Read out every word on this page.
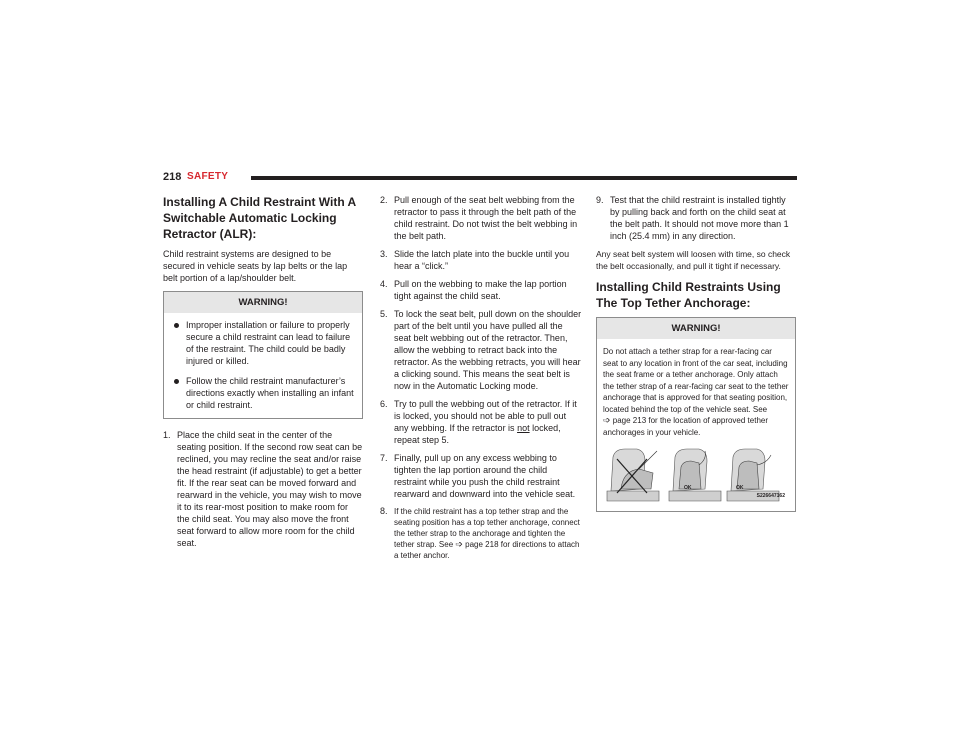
218 SAFETY
Installing A Child Restraint With A Switchable Automatic Locking Retractor (ALR):

Child restraint systems are designed to be secured in vehicle seats by lap belts or the lap belt portion of a lap/shoulder belt.

WARNING!
Improper installation or failure to properly secure a child restraint can lead to failure of the restraint. The child could be badly injured or killed.
Follow the child restraint manufacturer’s directions exactly when installing an infant or child restraint.
1. Place the child seat in the center of the seating position. If the second row seat can be reclined, you may recline the seat and/or raise the head restraint (if adjustable) to get a better fit. If the rear seat can be moved forward and rearward in the vehicle, you may wish to move it to its rear-most position to make room for the child seat. You may also move the front seat forward to allow more room for the child seat.
2. Pull enough of the seat belt webbing from the retractor to pass it through the belt path of the child restraint. Do not twist the belt webbing in the belt path.
3. Slide the latch plate into the buckle until you hear a “click.”
4. Pull on the webbing to make the lap portion tight against the child seat.
5. To lock the seat belt, pull down on the shoulder part of the belt until you have pulled all the seat belt webbing out of the retractor. Then, allow the webbing to retract back into the retractor. As the webbing retracts, you will hear a clicking sound. This means the seat belt is now in the Automatic Locking mode.
6. Try to pull the webbing out of the retractor. If it is locked, you should not be able to pull out any webbing. If the retractor is not locked, repeat step 5.
7. Finally, pull up on any excess webbing to tighten the lap portion around the child restraint while you push the child restraint rearward and downward into the vehicle seat.
8. If the child restraint has a top tether strap and the seating position has a top tether anchorage, connect the tether strap to the anchorage and tighten the tether strap. See ➩ page 218 for directions to attach a tether anchor.
9. Test that the child restraint is installed tightly by pulling back and forth on the child seat at the belt path. It should not move more than 1 inch (25.4 mm) in any direction.

Any seat belt system will loosen with time, so check the belt occasionally, and pull it tight if necessary.

Installing Child Restraints Using The Top Tether Anchorage:
WARNING!
Do not attach a tether strap for a rear-facing car seat to any location in front of the car seat, including the seat frame or a tether anchorage. Only attach the tether strap of a rear-facing car seat to the tether anchorage that is approved for that seating position, located behind the top of the vehicle seat. See
➩ page 213 for the location of approved tether anchorages in your vehicle.
OK	OK
S226647162
